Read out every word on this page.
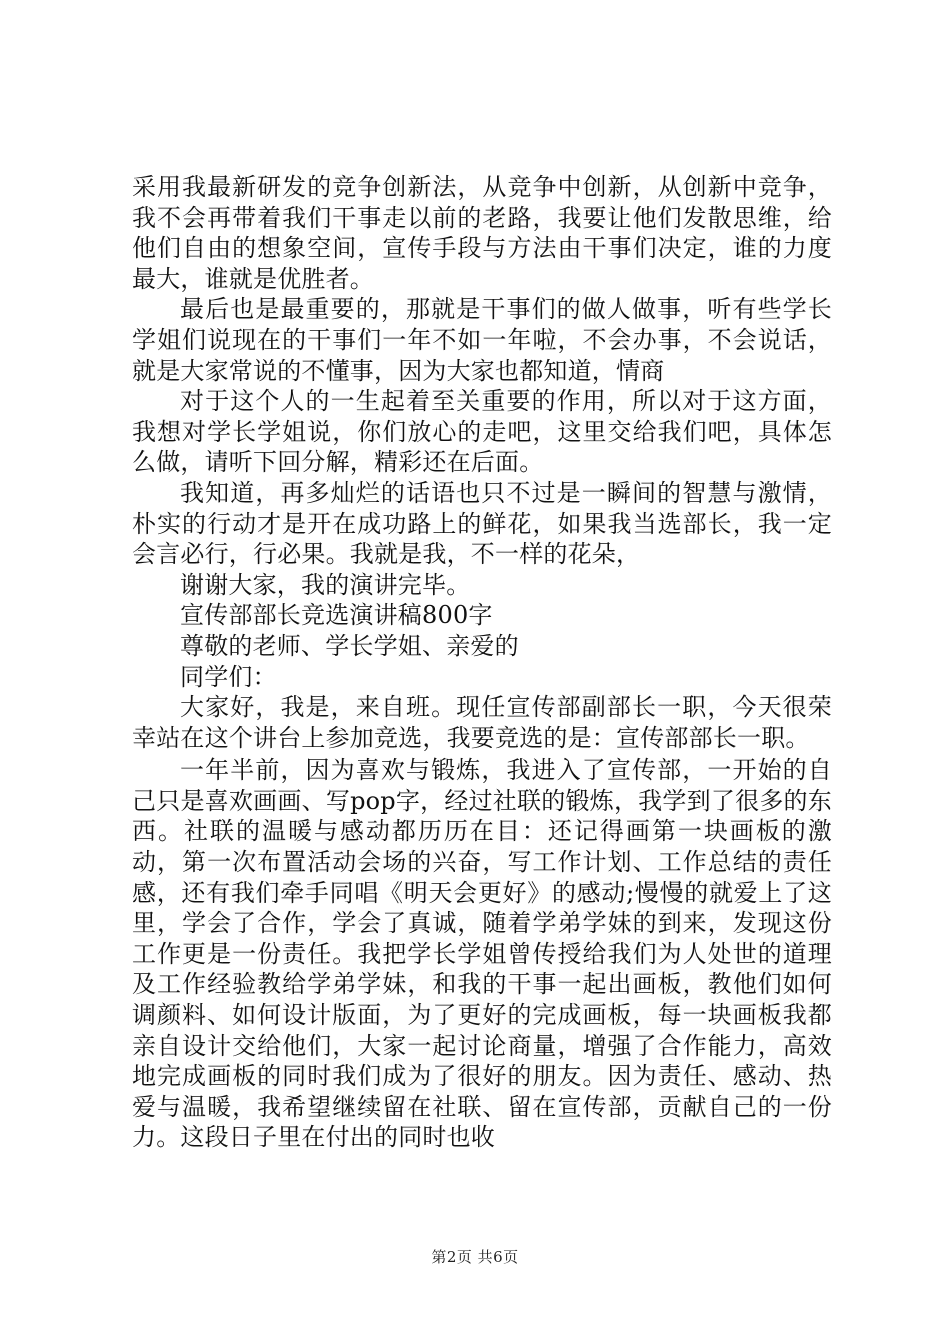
采用我最新研发的竞争创新法，从竞争中创新，从创新中竞争，我不会再带着我们干事走以前的老路，我要让他们发散思维，给他们自由的想象空间，宣传手段与方法由干事们决定，谁的力度最大，谁就是优胜者。

最后也是最重要的，那就是干事们的做人做事，听有些学长学姐们说现在的干事们一年不如一年啦，不会办事，不会说话，就是大家常说的不懂事，因为大家也都知道，情商

对于这个人的一生起着至关重要的作用，所以对于这方面，我想对学长学姐说，你们放心的走吧，这里交给我们吧，具体怎么做，请听下回分解，精彩还在后面。

我知道，再多灿烂的话语也只不过是一瞬间的智慧与激情，朴实的行动才是开在成功路上的鲜花，如果我当选部长，我一定会言必行，行必果。我就是我，不一样的花朵，

谢谢大家，我的演讲完毕。

宣传部部长竞选演讲稿800字

尊敬的老师、学长学姐、亲爱的

同学们：

大家好，我是，来自班。现任宣传部副部长一职，今天很荣幸站在这个讲台上参加竞选，我要竞选的是：宣传部部长一职。

一年半前，因为喜欢与锻炼，我进入了宣传部，一开始的自己只是喜欢画画、写pop字，经过社联的锻炼，我学到了很多的东西。社联的温暖与感动都历历在目：还记得画第一块画板的激动，第一次布置活动会场的兴奋，写工作计划、工作总结的责任感，还有我们牵手同唱《明天会更好》的感动;慢慢的就爱上了这里，学会了合作，学会了真诚，随着学弟学妹的到来，发现这份工作更是一份责任。我把学长学姐曾传授给我们为人处世的道理及工作经验教给学弟学妹，和我的干事一起出画板，教他们如何调颜料、如何设计版面，为了更好的完成画板，每一块画板我都亲自设计交给他们，大家一起讨论商量，增强了合作能力，高效地完成画板的同时我们成为了很好的朋友。因为责任、感动、热爱与温暖，我希望继续留在社联、留在宣传部，贡献自己的一份力。这段日子里在付出的同时也收

第2页 共6页
